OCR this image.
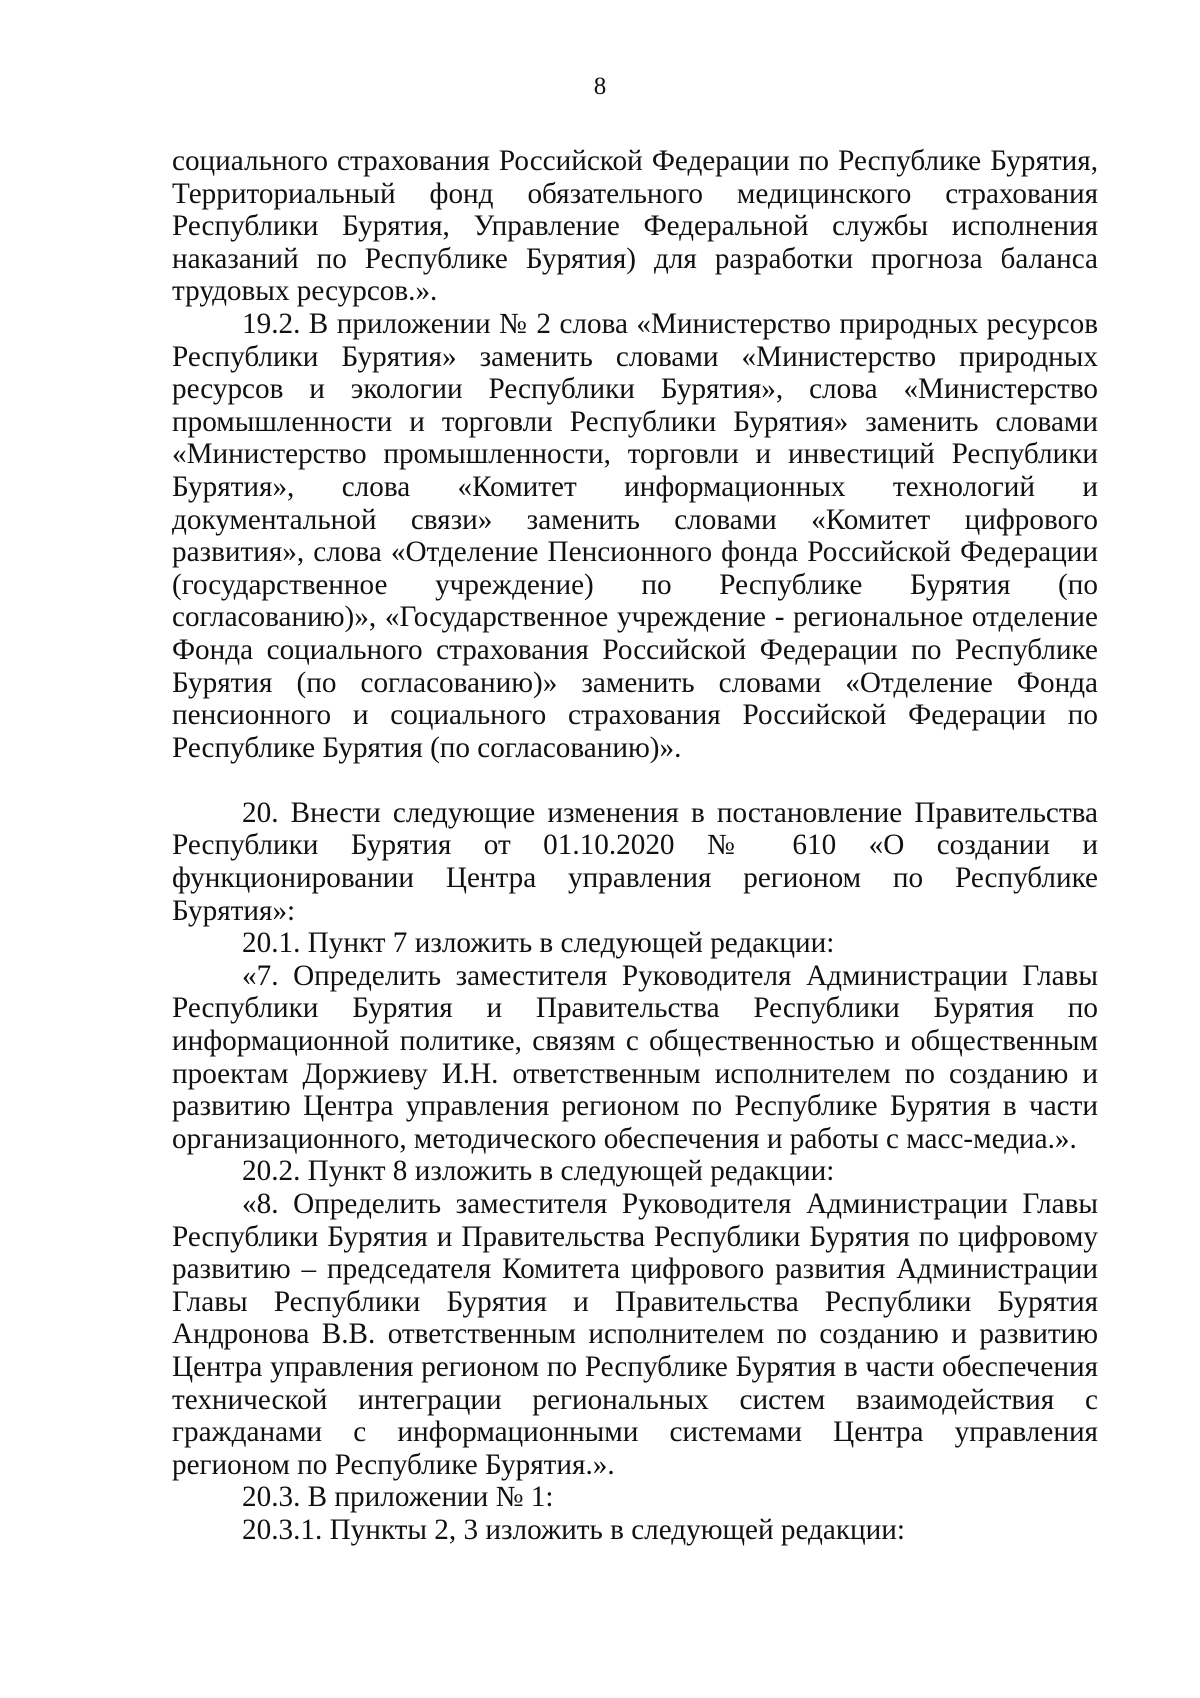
8

социального страхования Российской Федерации по Республике Бурятия, Территориальный фонд обязательного медицинского страхования Республики Бурятия, Управление Федеральной службы исполнения наказаний по Республике Бурятия) для разработки прогноза баланса трудовых ресурсов.».

19.2. В приложении № 2 слова «Министерство природных ресурсов Республики Бурятия» заменить словами «Министерство природных ресурсов и экологии Республики Бурятия», слова «Министерство промышленности и торговли Республики Бурятия» заменить словами «Министерство промышленности, торговли и инвестиций Республики Бурятия», слова «Комитет информационных технологий и документальной связи» заменить словами «Комитет цифрового развития», слова «Отделение Пенсионного фонда Российской Федерации (государственное учреждение) по Республике Бурятия (по согласованию)», «Государственное учреждение - региональное отделение Фонда социального страхования Российской Федерации по Республике Бурятия (по согласованию)» заменить словами «Отделение Фонда пенсионного и социального страхования Российской Федерации по Республике Бурятия (по согласованию)».

20. Внести следующие изменения в постановление Правительства Республики Бурятия от 01.10.2020 № 610 «О создании и функционировании Центра управления регионом по Республике Бурятия»:

20.1. Пункт 7 изложить в следующей редакции:

«7. Определить заместителя Руководителя Администрации Главы Республики Бурятия и Правительства Республики Бурятия по информационной политике, связям с общественностью и общественным проектам Доржиеву И.Н. ответственным исполнителем по созданию и развитию Центра управления регионом по Республике Бурятия в части организационного, методического обеспечения и работы с масс-медиа.».

20.2. Пункт 8 изложить в следующей редакции:

«8. Определить заместителя Руководителя Администрации Главы Республики Бурятия и Правительства Республики Бурятия по цифровому развитию – председателя Комитета цифрового развития Администрации Главы Республики Бурятия и Правительства Республики Бурятия Андронова В.В. ответственным исполнителем по созданию и развитию Центра управления регионом по Республике Бурятия в части обеспечения технической интеграции региональных систем взаимодействия с гражданами с информационными системами Центра управления регионом по Республике Бурятия.».

20.3. В приложении № 1:

20.3.1. Пункты 2, 3 изложить в следующей редакции:
